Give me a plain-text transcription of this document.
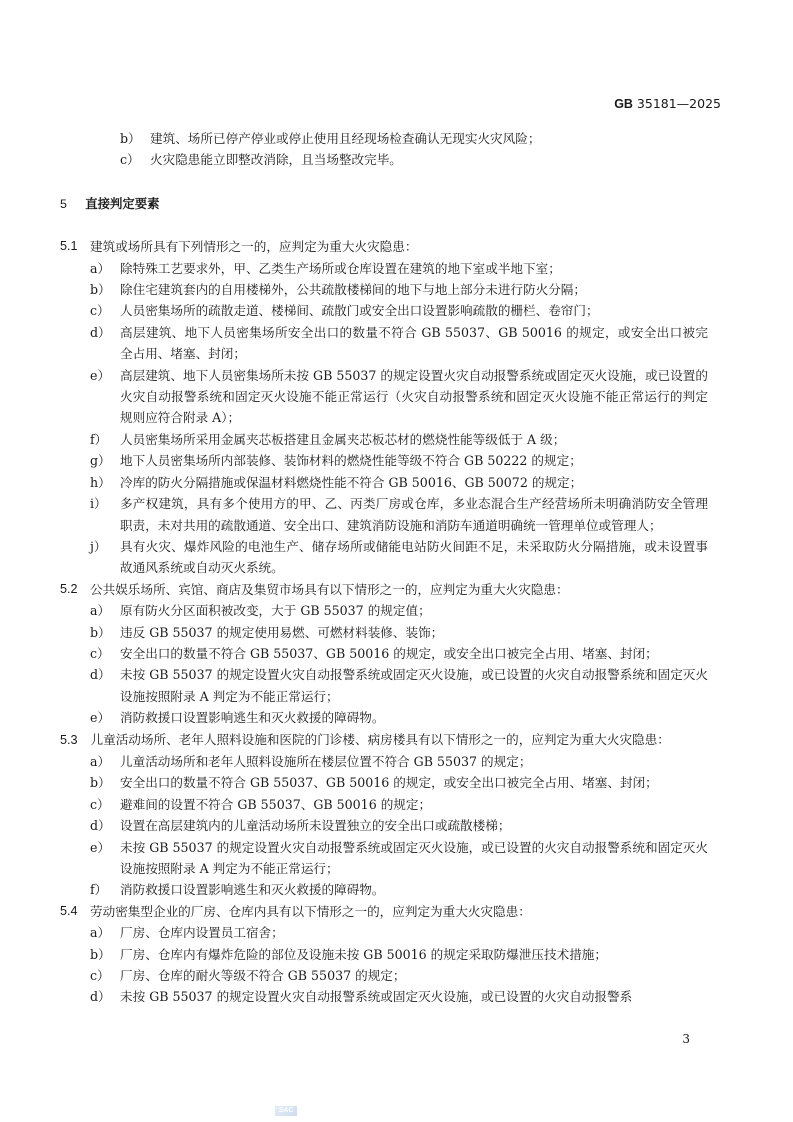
GB 35181—2025
b） 建筑、场所已停产停业或停止使用且经现场检查确认无现实火灾风险；
c） 火灾隐患能立即整改消除，且当场整改完毕。
5 直接判定要素
5.1 建筑或场所具有下列情形之一的，应判定为重大火灾隐患：
a） 除特殊工艺要求外，甲、乙类生产场所或仓库设置在建筑的地下室或半地下室；
b） 除住宅建筑套内的自用楼梯外，公共疏散楼梯间的地下与地上部分未进行防火分隔；
c） 人员密集场所的疏散走道、楼梯间、疏散门或安全出口设置影响疏散的栅栏、卷帘门；
d） 高层建筑、地下人员密集场所安全出口的数量不符合 GB 55037、GB 50016 的规定，或安全出口被完全占用、堵塞、封闭；
e） 高层建筑、地下人员密集场所未按 GB 55037 的规定设置火灾自动报警系统或固定灭火设施，或已设置的火灾自动报警系统和固定灭火设施不能正常运行（火灾自动报警系统和固定灭火设施不能正常运行的判定规则应符合附录 A）；
f） 人员密集场所采用金属夹芯板搭建且金属夹芯板芯材的燃烧性能等级低于 A 级；
g） 地下人员密集场所内部装修、装饰材料的燃烧性能等级不符合 GB 50222 的规定；
h） 冷库的防火分隔措施或保温材料燃烧性能不符合 GB 50016、GB 50072 的规定；
i） 多产权建筑，具有多个使用方的甲、乙、丙类厂房或仓库，多业态混合生产经营场所未明确消防安全管理职责，未对共用的疏散通道、安全出口、建筑消防设施和消防车通道明确统一管理单位或管理人；
j） 具有火灾、爆炸风险的电池生产、储存场所或储能电站防火间距不足，未采取防火分隔措施，或未设置事故通风系统或自动灭火系统。
5.2 公共娱乐场所、宾馆、商店及集贸市场具有以下情形之一的，应判定为重大火灾隐患：
a） 原有防火分区面积被改变，大于 GB 55037 的规定值；
b） 违反 GB 55037 的规定使用易燃、可燃材料装修、装饰；
c） 安全出口的数量不符合 GB 55037、GB 50016 的规定，或安全出口被完全占用、堵塞、封闭；
d） 未按 GB 55037 的规定设置火灾自动报警系统或固定灭火设施，或已设置的火灾自动报警系统和固定灭火设施按照附录 A 判定为不能正常运行；
e） 消防救援口设置影响逃生和灭火救援的障碍物。
5.3 儿童活动场所、老年人照料设施和医院的门诊楼、病房楼具有以下情形之一的，应判定为重大火灾隐患：
a） 儿童活动场所和老年人照料设施所在楼层位置不符合 GB 55037 的规定；
b） 安全出口的数量不符合 GB 55037、GB 50016 的规定，或安全出口被完全占用、堵塞、封闭；
c） 避难间的设置不符合 GB 55037、GB 50016 的规定；
d） 设置在高层建筑内的儿童活动场所未设置独立的安全出口或疏散楼梯；
e） 未按 GB 55037 的规定设置火灾自动报警系统或固定灭火设施，或已设置的火灾自动报警系统和固定灭火设施按照附录 A 判定为不能正常运行；
f） 消防救援口设置影响逃生和灭火救援的障碍物。
5.4 劳动密集型企业的厂房、仓库内具有以下情形之一的，应判定为重大火灾隐患：
a） 厂房、仓库内设置员工宿舍；
b） 厂房、仓库内有爆炸危险的部位及设施未按 GB 50016 的规定采取防爆泄压技术措施；
c） 厂房、仓库的耐火等级不符合 GB 55037 的规定；
d） 未按 GB 55037 的规定设置火灾自动报警系统或固定灭火设施，或已设置的火灾自动报警系
3
SAC
